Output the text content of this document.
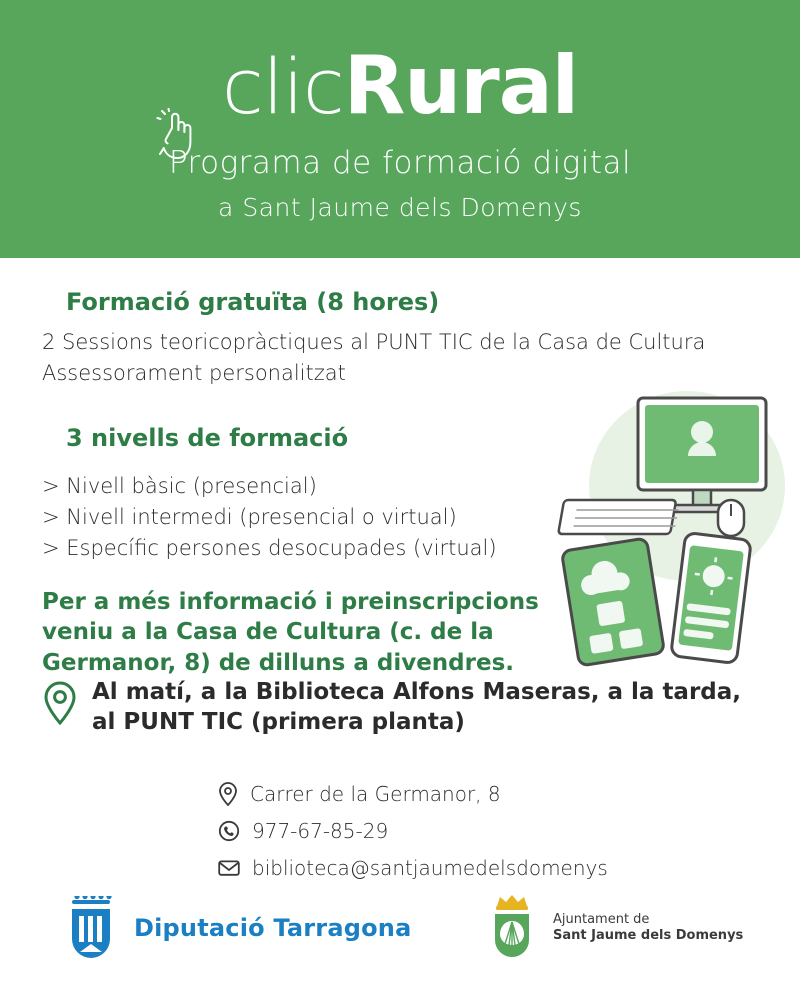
clicRural
Programa de formació digital
a Sant Jaume dels Domenys
Formació gratuïta (8 hores)
2 Sessions teoricopràctiques al PUNT TIC de la Casa de Cultura
Assessorament personalitzat
3 nivells de formació
> Nivell bàsic (presencial)
> Nivell intermedi (presencial o virtual)
> Específic persones desocupades (virtual)
Per a més informació i preinscripcions
veniu a la Casa de Cultura (c. de la
Germanor, 8) de dilluns a divendres.
Al matí, a la Biblioteca Alfons Maseras, a la tarda,
al PUNT TIC (primera planta)
Carrer de la Germanor, 8
977-67-85-29
biblioteca@santjaumedelsdomenys
Diputació Tarragona	Ajuntament de
Sant Jaume dels Domenys
